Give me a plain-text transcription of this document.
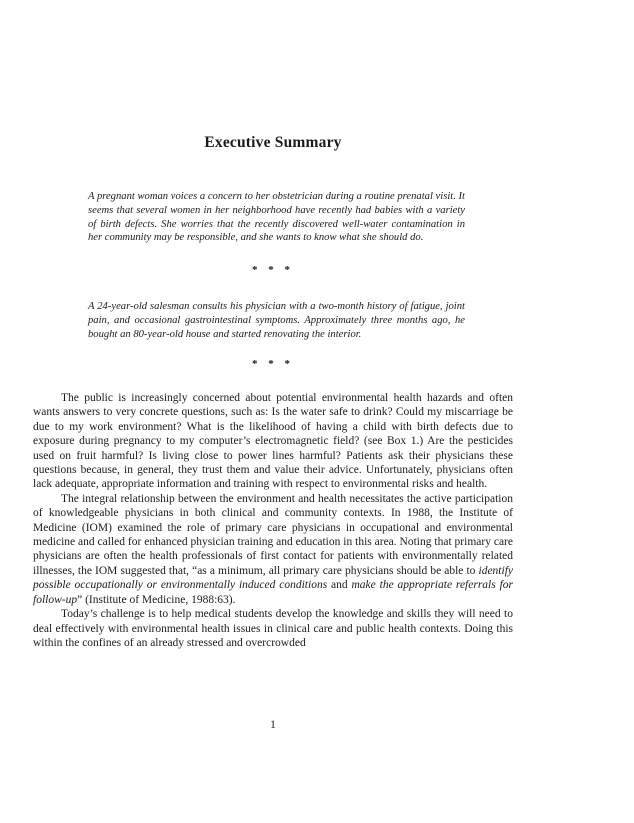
Executive Summary

A pregnant woman voices a concern to her obstetrician during a routine prenatal visit. It seems that several women in her neighborhood have recently had babies with a variety of birth defects. She worries that the recently discovered well-water contamination in her community may be responsible, and she wants to know what she should do.

* * *

A 24-year-old salesman consults his physician with a two-month history of fatigue, joint pain, and occasional gastrointestinal symptoms. Approximately three months ago, he bought an 80-year-old house and started renovating the interior.

* * *

The public is increasingly concerned about potential environmental health hazards and often wants answers to very concrete questions, such as: Is the water safe to drink? Could my miscarriage be due to my work environment? What is the likelihood of having a child with birth defects due to exposure during pregnancy to my computer’s electromagnetic field? (see Box 1.) Are the pesticides used on fruit harmful? Is living close to power lines harmful? Patients ask their physicians these questions because, in general, they trust them and value their advice. Unfortunately, physicians often lack adequate, appropriate information and training with respect to environmental risks and health.

The integral relationship between the environment and health necessitates the active participation of knowledgeable physicians in both clinical and community contexts. In 1988, the Institute of Medicine (IOM) examined the role of primary care physicians in occupational and environmental medicine and called for enhanced physician training and education in this area. Noting that primary care physicians are often the health professionals of first contact for patients with environmentally related illnesses, the IOM suggested that, “as a minimum, all primary care physicians should be able to identify possible occupationally or environmentally induced conditions and make the appropriate referrals for follow-up” (Institute of Medicine, 1988:63).

Today’s challenge is to help medical students develop the knowledge and skills they will need to deal effectively with environmental health issues in clinical care and public health contexts. Doing this within the confines of an already stressed and overcrowded

1
